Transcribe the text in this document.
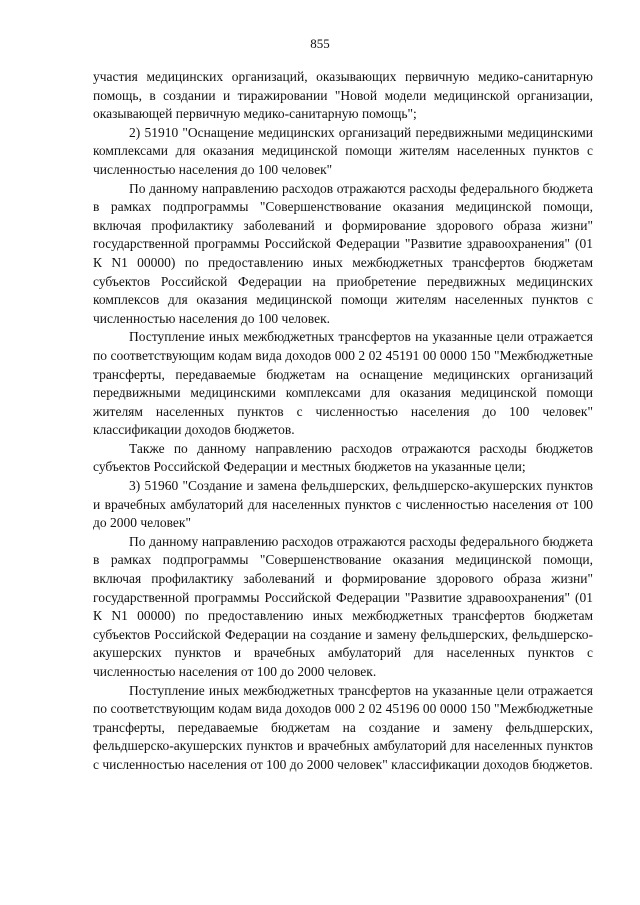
855

участия медицинских организаций, оказывающих первичную медико-санитарную помощь, в создании и тиражировании "Новой модели медицинской организации, оказывающей первичную медико-санитарную помощь";

2) 51910 "Оснащение медицинских организаций передвижными медицинскими комплексами для оказания медицинской помощи жителям населенных пунктов с численностью населения до 100 человек"

По данному направлению расходов отражаются расходы федерального бюджета в рамках подпрограммы "Совершенствование оказания медицинской помощи, включая профилактику заболеваний и формирование здорового образа жизни" государственной программы Российской Федерации "Развитие здравоохранения" (01 К N1 00000) по предоставлению иных межбюджетных трансфертов бюджетам субъектов Российской Федерации на приобретение передвижных медицинских комплексов для оказания медицинской помощи жителям населенных пунктов с численностью населения до 100 человек.

Поступление иных межбюджетных трансфертов на указанные цели отражается по соответствующим кодам вида доходов 000 2 02 45191 00 0000 150 "Межбюджетные трансферты, передаваемые бюджетам на оснащение медицинских организаций передвижными медицинскими комплексами для оказания медицинской помощи жителям населенных пунктов с численностью населения до 100 человек" классификации доходов бюджетов.

Также по данному направлению расходов отражаются расходы бюджетов субъектов Российской Федерации и местных бюджетов на указанные цели;

3) 51960 "Создание и замена фельдшерских, фельдшерско-акушерских пунктов и врачебных амбулаторий для населенных пунктов с численностью населения от 100 до 2000 человек"

По данному направлению расходов отражаются расходы федерального бюджета в рамках подпрограммы "Совершенствование оказания медицинской помощи, включая профилактику заболеваний и формирование здорового образа жизни" государственной программы Российской Федерации "Развитие здравоохранения" (01 К N1 00000) по предоставлению иных межбюджетных трансфертов бюджетам субъектов Российской Федерации на создание и замену фельдшерских, фельдшерско-акушерских пунктов и врачебных амбулаторий для населенных пунктов с численностью населения от 100 до 2000 человек.

Поступление иных межбюджетных трансфертов на указанные цели отражается по соответствующим кодам вида доходов 000 2 02 45196 00 0000 150 "Межбюджетные трансферты, передаваемые бюджетам на создание и замену фельдшерских, фельдшерско-акушерских пунктов и врачебных амбулаторий для населенных пунктов с численностью населения от 100 до 2000 человек" классификации доходов бюджетов.
